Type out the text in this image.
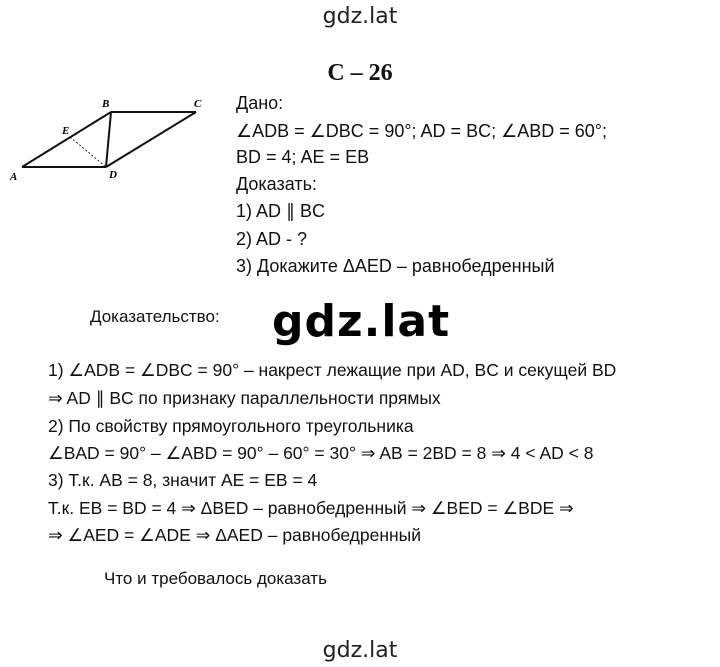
gdz.lat
С – 26
A
B	C
D
E
Дано:
∠ADB = ∠DBC = 90°; AD = BC; ∠ABD = 60°;
BD = 4; AE = EB
Доказать:
1) AD ∥ BC
2) AD - ?
3) Докажите ΔAED – равнобедренный
Доказательство: gdz.lat
1) ∠ADB = ∠DBC = 90° – накрест лежащие при AD, BC и секущей BD
⇒ AD ∥ BC по признаку параллельности прямых
2) По свойству прямоугольного треугольника
∠BAD = 90° – ∠ABD = 90° – 60° = 30° ⇒ AB = 2BD = 8 ⇒ 4 < AD < 8
3) Т.к. AB = 8, значит AE = EB = 4
Т.к. EB = BD = 4 ⇒ ΔBED – равнобедренный ⇒ ∠BED = ∠BDE ⇒
⇒ ∠AED = ∠ADE ⇒ ΔAED – равнобедренный
Что и требовалось доказать
gdz.lat
